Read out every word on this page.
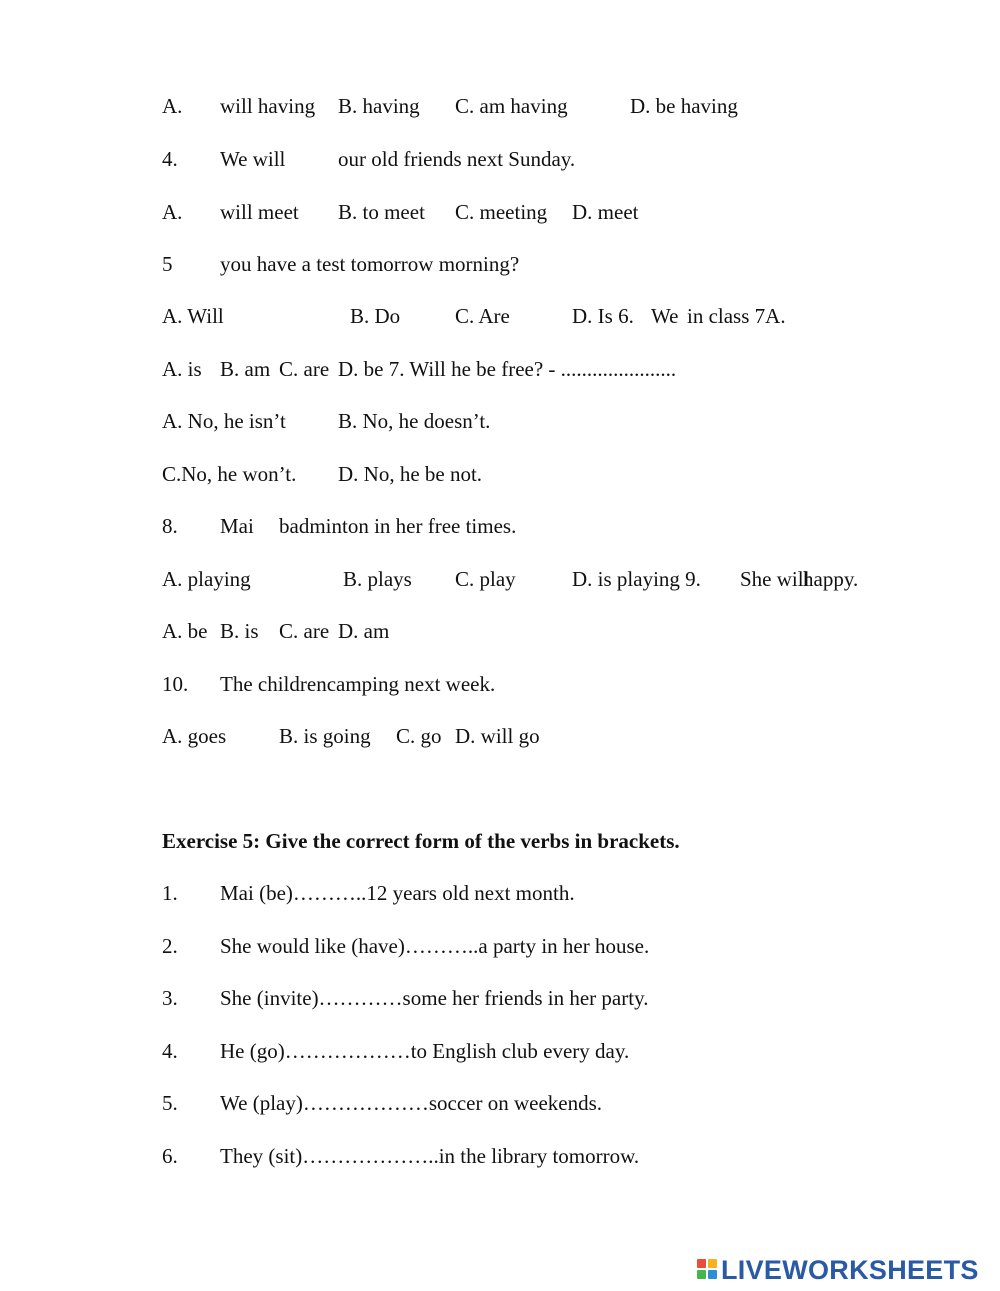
A. will having B. having C. am having	D. be having
4. We will	our old friends next Sunday.
A. will meet B. to meet C. meeting D. meet
5 you have a test tomorrow morning?
A. Will	B. Do	C. Are	D. Is 6. We in class 7A.
A. is B. am C. are D. be 7. Will he be free? - ......................
A. No, he isn’t B. No, he doesn’t.
C.No, he won’t. D. No, he be not.
8. Mai badminton in her free times.
A. playing	B. plays C. play	D. is playing 9. She will
happy.
A. be B. is C. are D. am
10. The childrencamping next week.
A. goes	B. is going C. go D. will go
Exercise 5: Give the correct form of the verbs in brackets.
1. Mai (be)………..12 years old next month.
2. She would like (have)………..a party in her house.
3. She (invite)…………some her friends in her party.
4. He (go)………………to English club every day.
5. We (play)………………soccer on weekends.
6. They (sit)………………..in the library tomorrow.
LIVEWORKSHEETS
